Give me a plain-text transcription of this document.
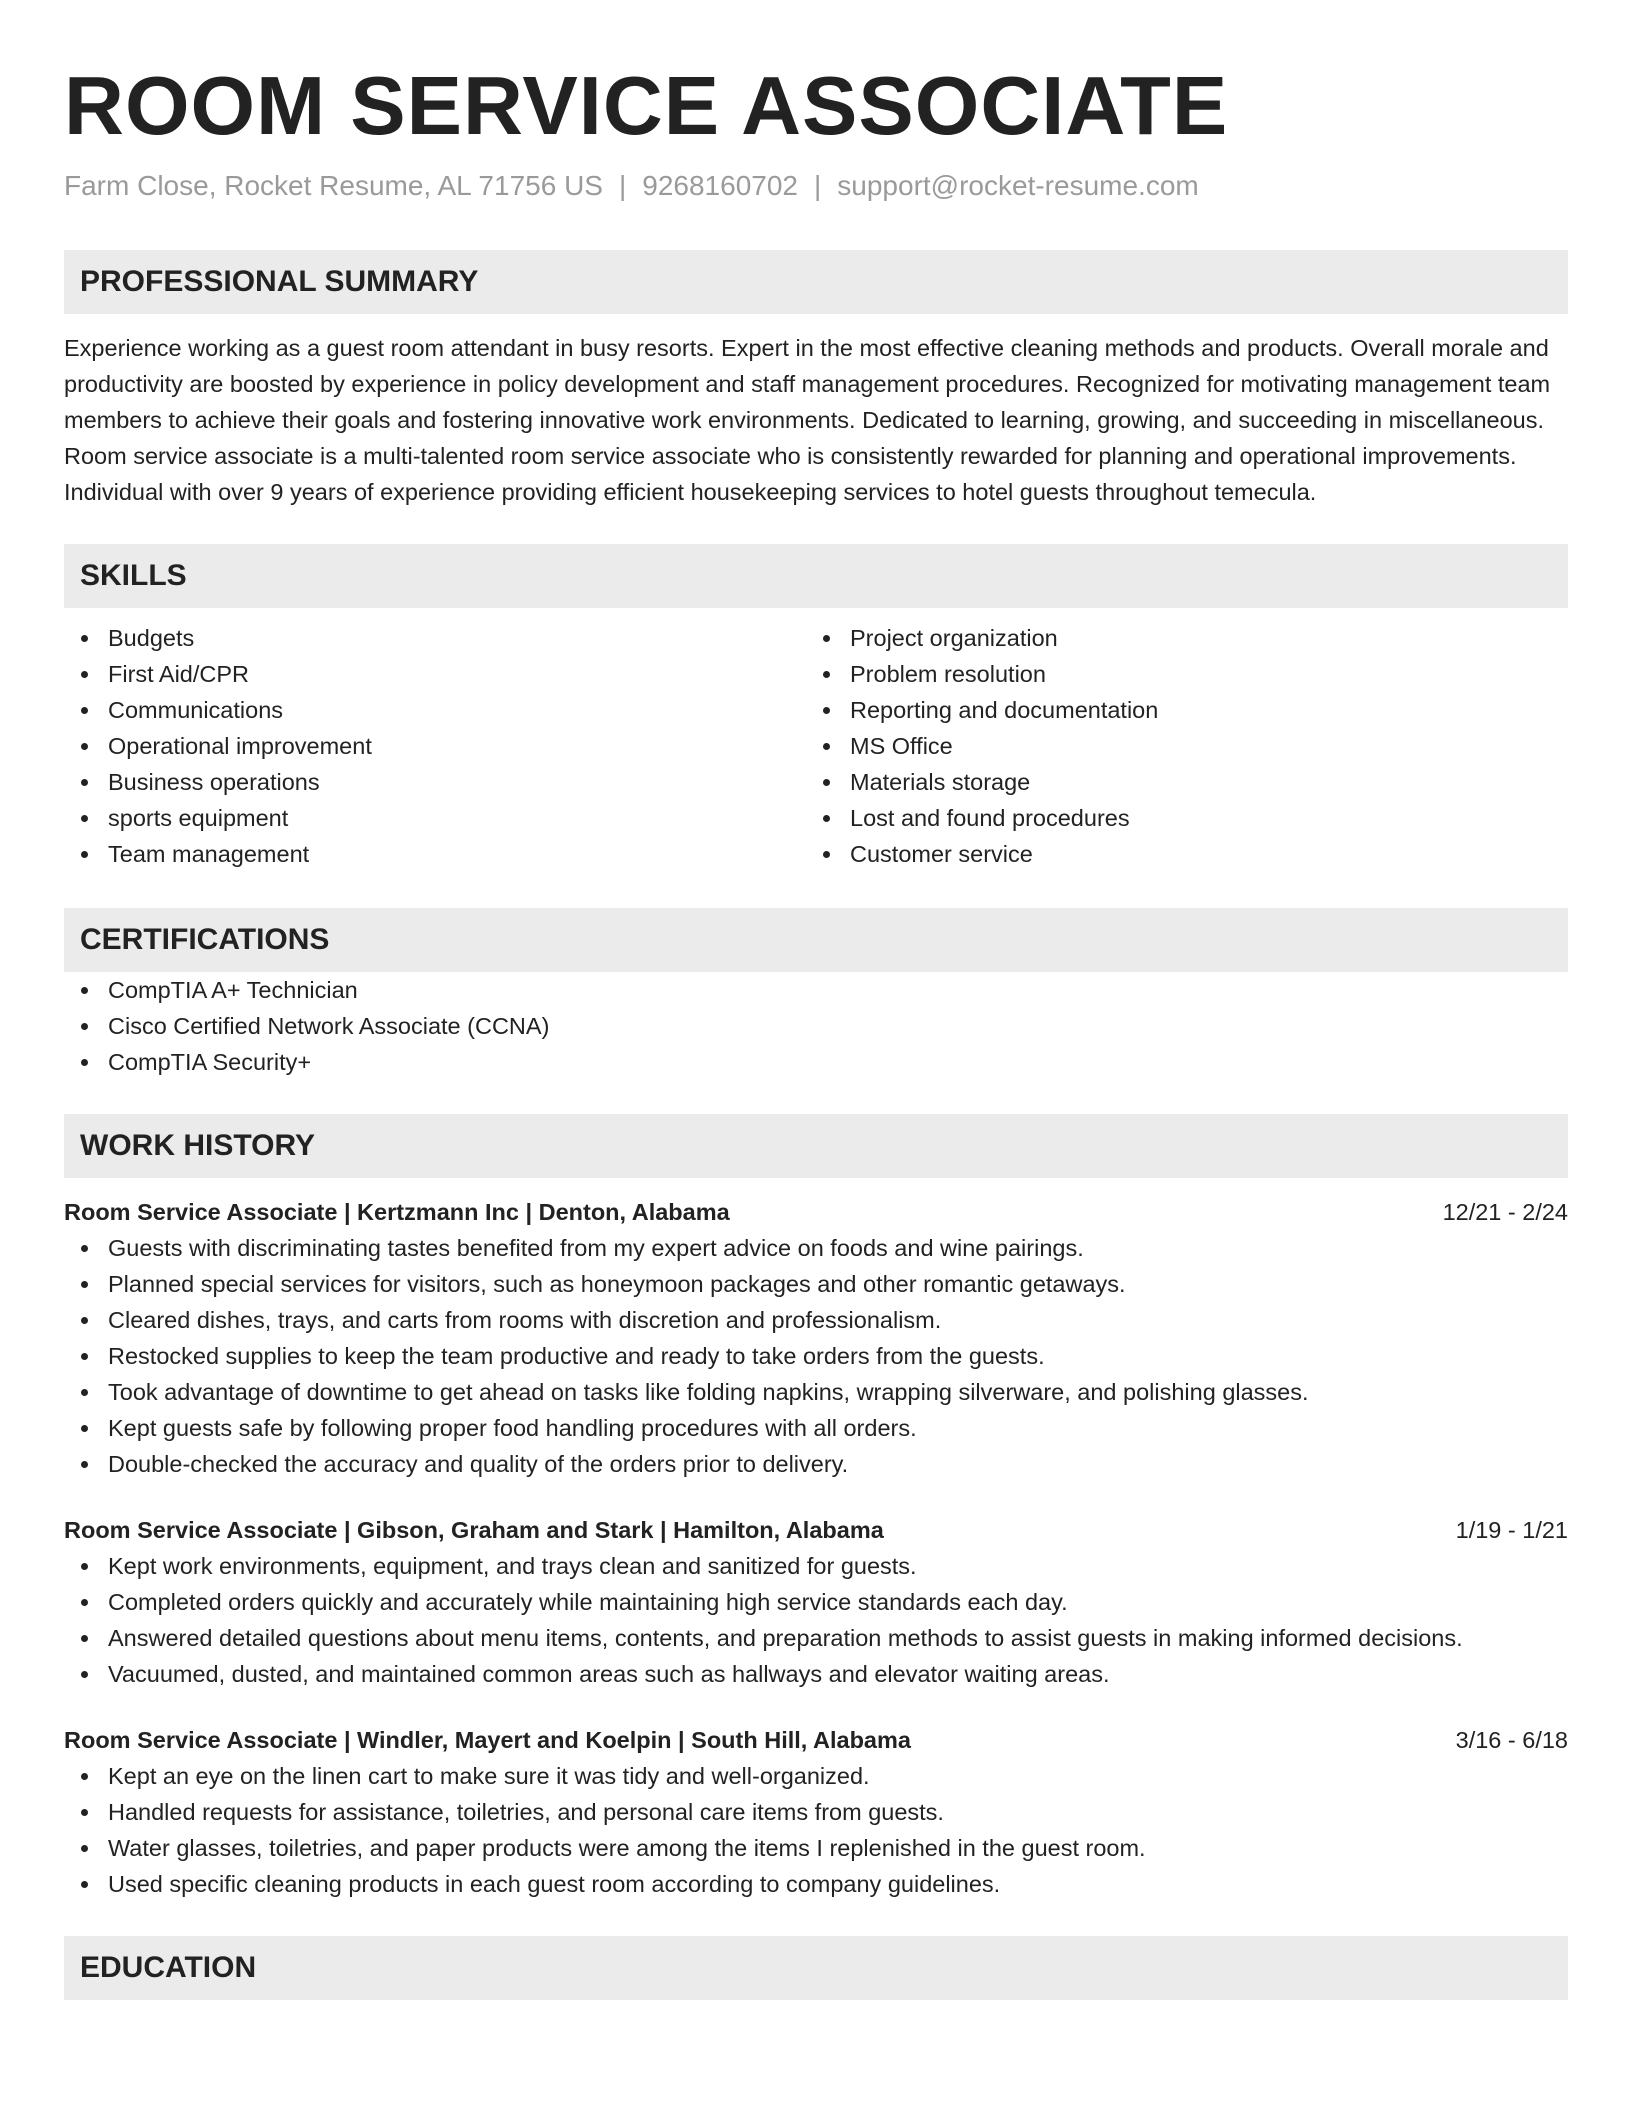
ROOM SERVICE ASSOCIATE
Farm Close, Rocket Resume, AL 71756 US | 9268160702 | support@rocket-resume.com
PROFESSIONAL SUMMARY

Experience working as a guest room attendant in busy resorts. Expert in the most effective cleaning methods and products. Overall morale and productivity are boosted by experience in policy development and staff management procedures. Recognized for motivating management team members to achieve their goals and fostering innovative work environments. Dedicated to learning, growing, and succeeding in miscellaneous. Room service associate is a multi-talented room service associate who is consistently rewarded for planning and operational improvements. Individual with over 9 years of experience providing efficient housekeeping services to hotel guests throughout temecula.

SKILLS
Budgets
First Aid/CPR
Communications
Operational improvement
Business operations
sports equipment
Team management
Project organization
Problem resolution
Reporting and documentation
MS Office
Materials storage
Lost and found procedures
Customer service
CERTIFICATIONS
CompTIA A+ Technician
Cisco Certified Network Associate (CCNA)
CompTIA Security+
WORK HISTORY
Room Service Associate | Kertzmann Inc | Denton, Alabama	12/21 - 2/24
Guests with discriminating tastes benefited from my expert advice on foods and wine pairings.
Planned special services for visitors, such as honeymoon packages and other romantic getaways.
Cleared dishes, trays, and carts from rooms with discretion and professionalism.
Restocked supplies to keep the team productive and ready to take orders from the guests.
Took advantage of downtime to get ahead on tasks like folding napkins, wrapping silverware, and polishing glasses.
Kept guests safe by following proper food handling procedures with all orders.
Double-checked the accuracy and quality of the orders prior to delivery.
Room Service Associate | Gibson, Graham and Stark | Hamilton, Alabama	1/19 - 1/21
Kept work environments, equipment, and trays clean and sanitized for guests.
Completed orders quickly and accurately while maintaining high service standards each day.
Answered detailed questions about menu items, contents, and preparation methods to assist guests in making informed decisions.
Vacuumed, dusted, and maintained common areas such as hallways and elevator waiting areas.
Room Service Associate | Windler, Mayert and Koelpin | South Hill, Alabama	3/16 - 6/18
Kept an eye on the linen cart to make sure it was tidy and well-organized.
Handled requests for assistance, toiletries, and personal care items from guests.
Water glasses, toiletries, and paper products were among the items I replenished in the guest room.
Used specific cleaning products in each guest room according to company guidelines.
EDUCATION
